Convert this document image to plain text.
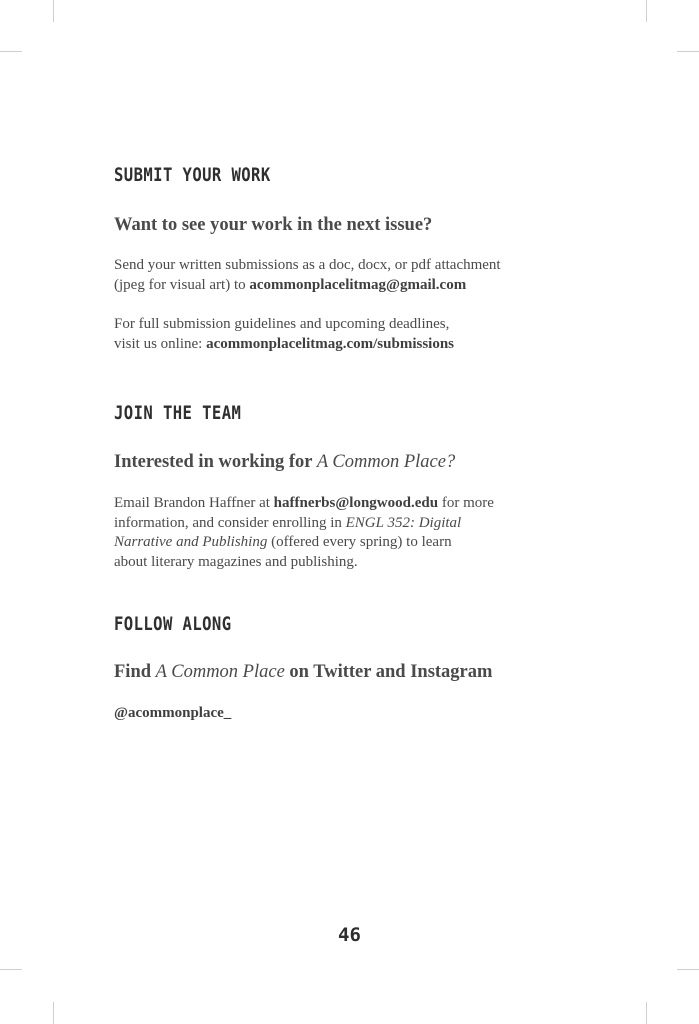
SUBMIT YOUR WORK
Want to see your work in the next issue?

Send your written submissions as a doc, docx, or pdf attachment
(jpeg for visual art) to acommonplacelitmag@gmail.com

For full submission guidelines and upcoming deadlines,
visit us online: acommonplacelitmag.com/submissions

JOIN THE TEAM
Interested in working for A Common Place?

Email Brandon Haffner at haffnerbs@longwood.edu for more
information, and consider enrolling in ENGL 352: Digital
Narrative and Publishing (offered every spring) to learn
about literary magazines and publishing.

FOLLOW ALONG
Find A Common Place on Twitter and Instagram

@acommonplace_

46
